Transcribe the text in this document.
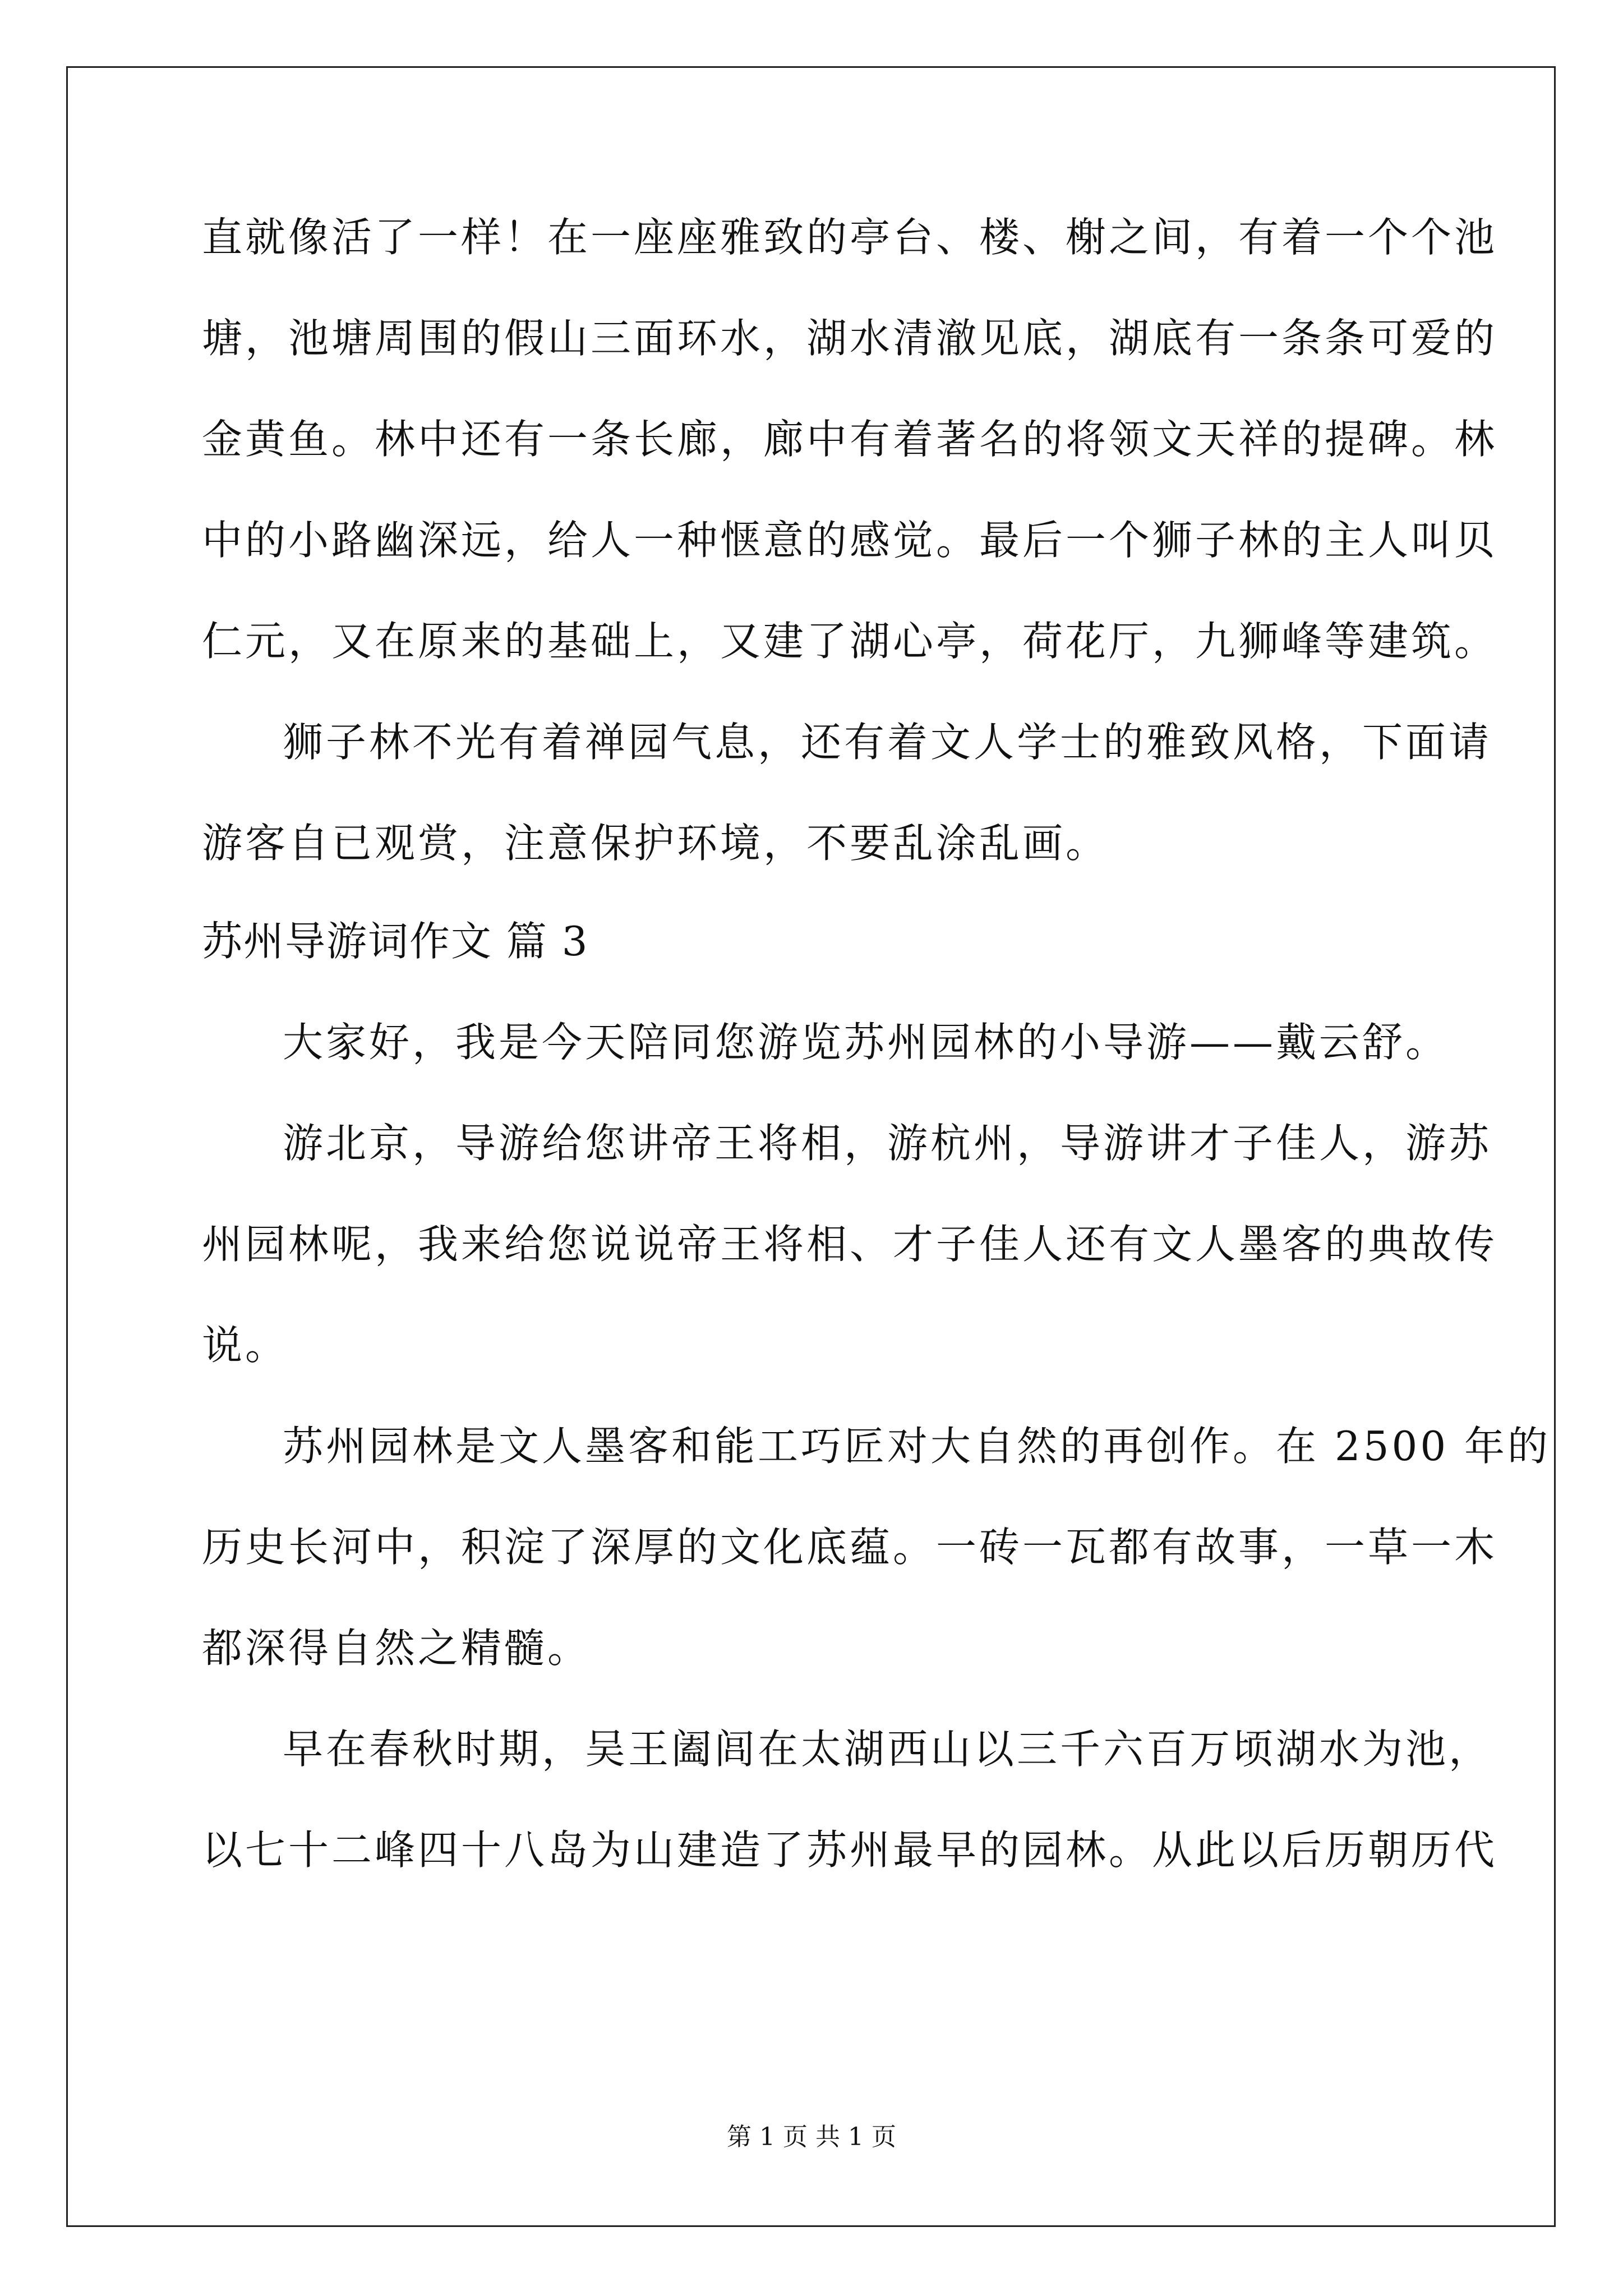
直就像活了一样！在一座座雅致的亭台、楼、榭之间，有着一个个池
塘，池塘周围的假山三面环水，湖水清澈见底，湖底有一条条可爱的
金黄鱼。林中还有一条长廊，廊中有着著名的将领文天祥的提碑。林
中的小路幽深远，给人一种惬意的感觉。最后一个狮子林的主人叫贝
仁元，又在原来的基础上，又建了湖心亭，荷花厅，九狮峰等建筑。
狮子林不光有着禅园气息，还有着文人学士的雅致风格，下面请
游客自已观赏，注意保护环境，不要乱涂乱画。
苏州导游词作文 篇 3
大家好，我是今天陪同您游览苏州园林的小导游——戴云舒。
游北京，导游给您讲帝王将相，游杭州，导游讲才子佳人，游苏
州园林呢，我来给您说说帝王将相、才子佳人还有文人墨客的典故传
说。
苏州园林是文人墨客和能工巧匠对大自然的再创作。在 2500 年的
历史长河中，积淀了深厚的文化底蕴。一砖一瓦都有故事，一草一木
都深得自然之精髓。
早在春秋时期，吴王阖闾在太湖西山以三千六百万顷湖水为池，
以七十二峰四十八岛为山建造了苏州最早的园林。从此以后历朝历代
第 1 页 共 1 页
